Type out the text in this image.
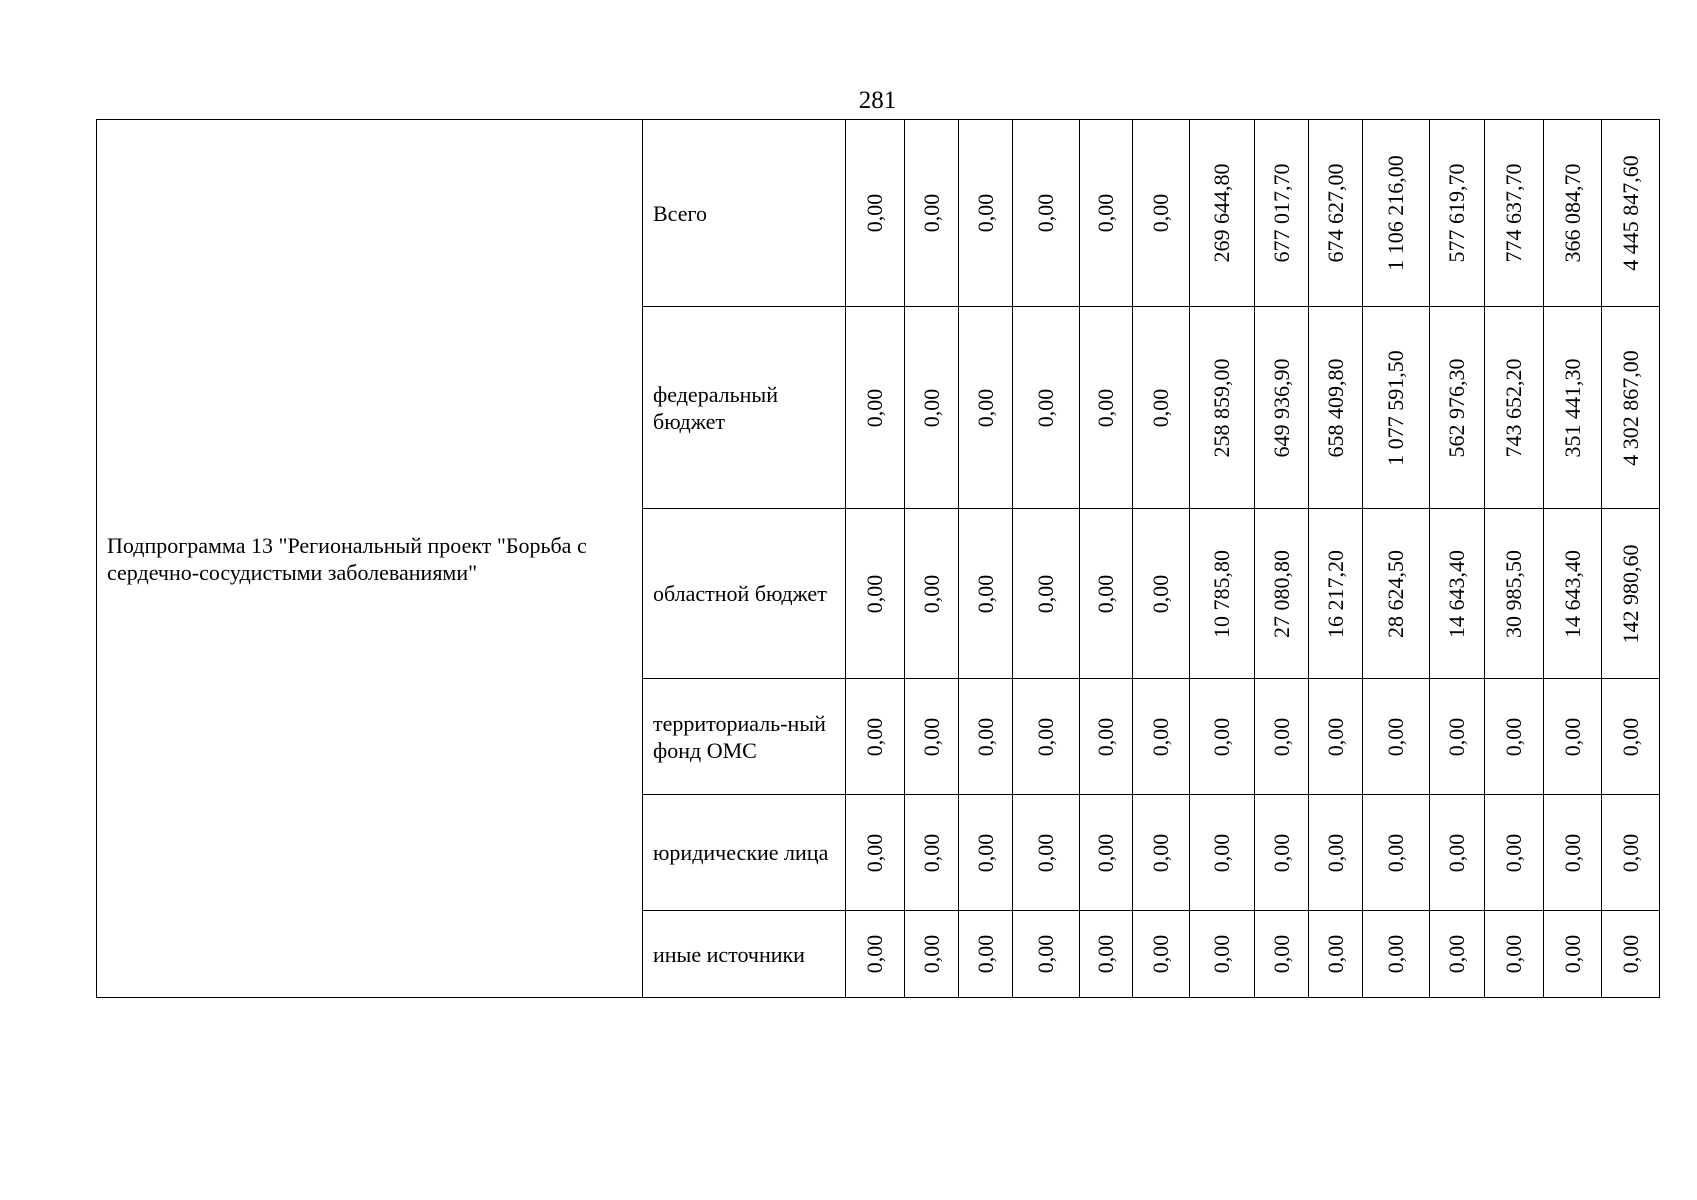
281
Подпрограмма 13 "Региональный проект "Борьба с сердечно-сосудистыми заболеваниями"	Всего	0,00	0,00	0,00	0,00	0,00	0,00	269 644,80	677 017,70	674 627,00	1 106 216,00	577 619,70	774 637,70	366 084,70	4 445 847,60

	федеральный бюджет	0,00	0,00	0,00	0,00	0,00	0,00	258 859,00	649 936,90	658 409,80	1 077 591,50	562 976,30	743 652,20	351 441,30	4 302 867,00

	областной бюджет	0,00	0,00	0,00	0,00	0,00	0,00	10 785,80	27 080,80	16 217,20	28 624,50	14 643,40	30 985,50	14 643,40	142 980,60

	территориаль-ный фонд ОМС	0,00	0,00	0,00	0,00	0,00	0,00	0,00	0,00	0,00	0,00	0,00	0,00	0,00	0,00

	юридические лица	0,00	0,00	0,00	0,00	0,00	0,00	0,00	0,00	0,00	0,00	0,00	0,00	0,00	0,00

	иные источники	0,00	0,00	0,00	0,00	0,00	0,00	0,00	0,00	0,00	0,00	0,00	0,00	0,00	0,00
